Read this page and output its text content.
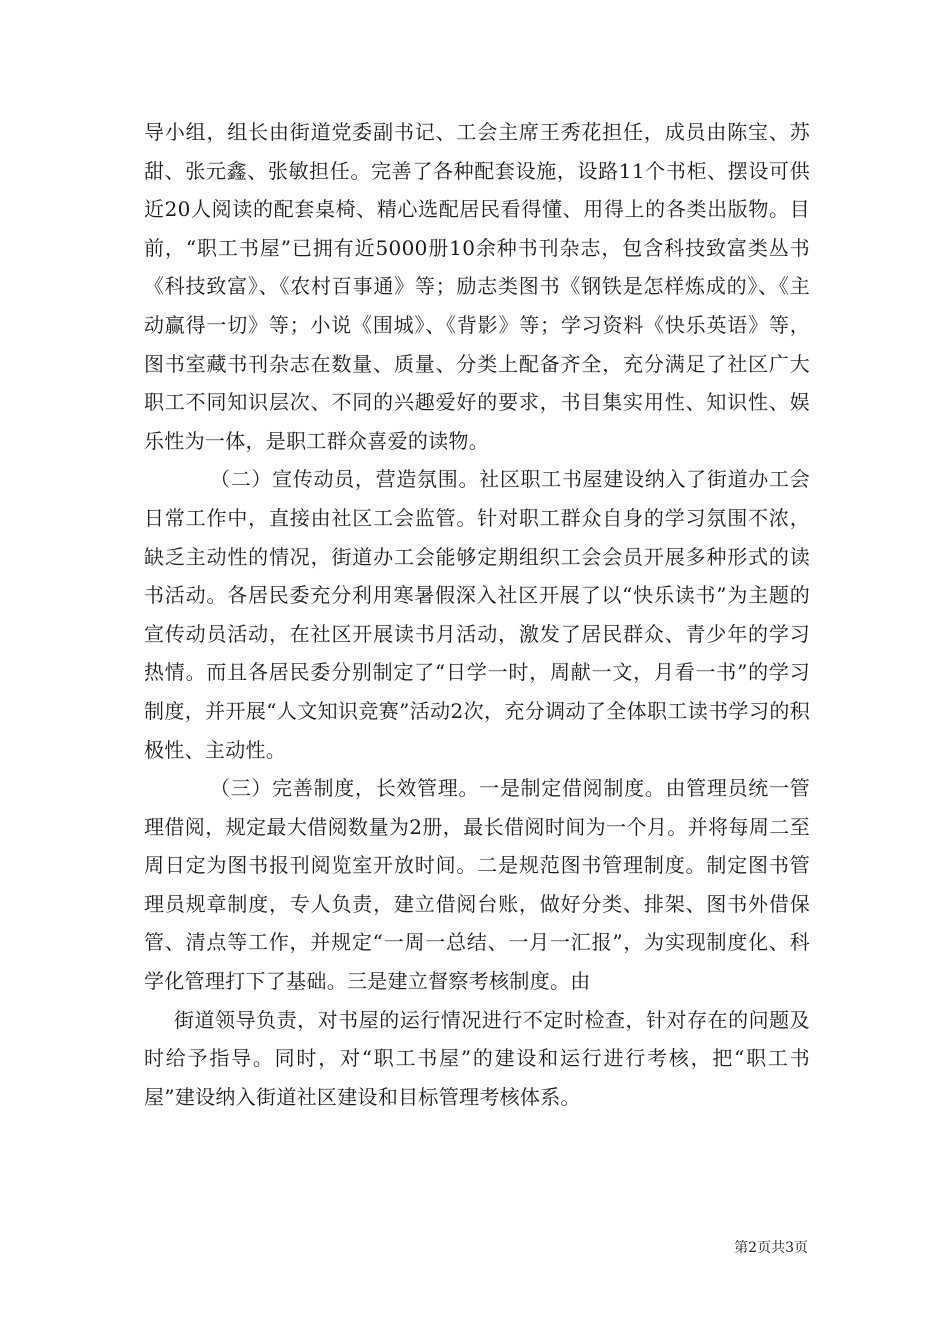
导小组，组长由街道党委副书记、工会主席王秀花担任，成员由陈宝、苏甜、张元鑫、张敏担任。完善了各种配套设施，设路11个书柜、摆设可供近20人阅读的配套桌椅、精心选配居民看得懂、用得上的各类出版物。目前，“职工书屋”已拥有近5000册10余种书刊杂志，包含科技致富类丛书《科技致富》、《农村百事通》等；励志类图书《钢铁是怎样炼成的》、《主动赢得一切》等；小说《围城》、《背影》等；学习资料《快乐英语》等，图书室藏书刊杂志在数量、质量、分类上配备齐全，充分满足了社区广大职工不同知识层次、不同的兴趣爱好的要求，书目集实用性、知识性、娱乐性为一体，是职工群众喜爱的读物。

（二）宣传动员，营造氛围。社区职工书屋建设纳入了街道办工会日常工作中，直接由社区工会监管。针对职工群众自身的学习氛围不浓，缺乏主动性的情况，街道办工会能够定期组织工会会员开展多种形式的读书活动。各居民委充分利用寒暑假深入社区开展了以“快乐读书”为主题的宣传动员活动，在社区开展读书月活动，激发了居民群众、青少年的学习热情。而且各居民委分别制定了“日学一时，周献一文，月看一书”的学习制度，并开展“人文知识竞赛”活动2次，充分调动了全体职工读书学习的积极性、主动性。

（三）完善制度，长效管理。一是制定借阅制度。由管理员统一管理借阅，规定最大借阅数量为2册，最长借阅时间为一个月。并将每周二至周日定为图书报刊阅览室开放时间。二是规范图书管理制度。制定图书管理员规章制度，专人负责，建立借阅台账，做好分类、排架、图书外借保管、清点等工作，并规定“一周一总结、一月一汇报”，为实现制度化、科学化管理打下了基础。三是建立督察考核制度。由

街道领导负责，对书屋的运行情况进行不定时检查，针对存在的问题及时给予指导。同时，对“职工书屋”的建设和运行进行考核，把“职工书屋”建设纳入街道社区建设和目标管理考核体系。

第2页共3页
